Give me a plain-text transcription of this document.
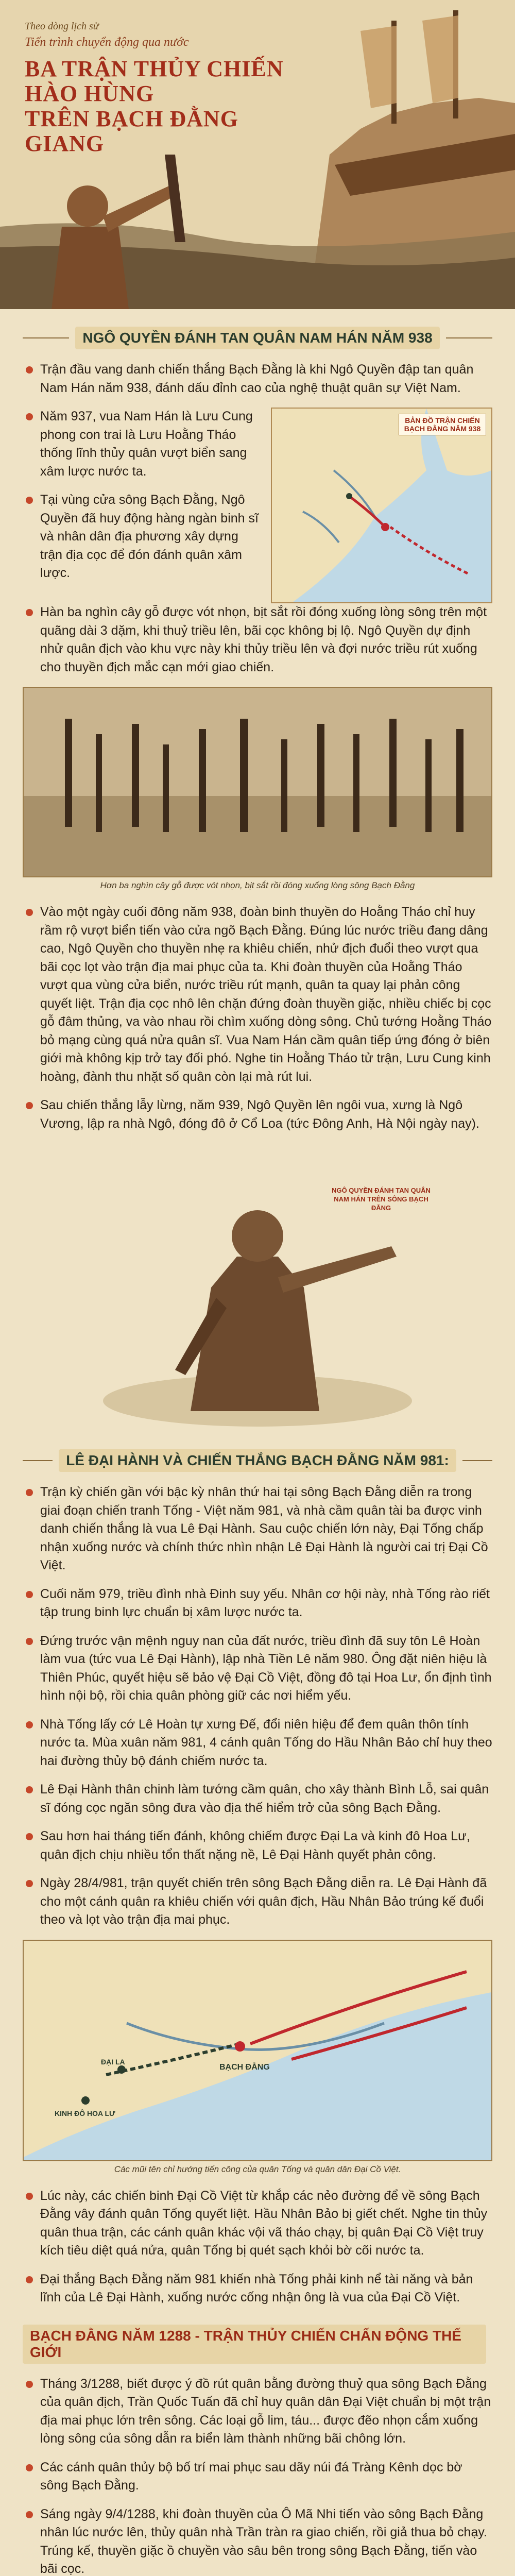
Theo dòng lịch sử
Tiến trình chuyển động qua nước
BA TRẬN THỦY CHIẾN HÀO HÙNG
TRÊN BẠCH ĐẰNG GIANG
NGÔ QUYỀN ĐÁNH TAN QUÂN NAM HÁN NĂM 938

Trận đầu vang danh chiến thắng Bạch Đằng là khi Ngô Quyền đập tan quân Nam Hán năm 938, đánh dấu đỉnh cao của nghệ thuật quân sự Việt Nam.

Năm 937, vua Nam Hán là Lưu Cung phong con trai là Lưu Hoằng Tháo thống lĩnh thủy quân vượt biển sang xâm lược nước ta.

Tại vùng cửa sông Bạch Đằng, Ngô Quyền đã huy động hàng ngàn binh sĩ và nhân dân địa phương xây dựng trận địa cọc để đón đánh quân xâm lược.

BẢN ĐỒ TRẬN CHIẾN BẠCH ĐẰNG NĂM 938

Hàn ba nghìn cây gỗ được vót nhọn, bịt sắt rồi đóng xuống lòng sông trên một quãng dài 3 dặm, khi thuỷ triều lên, bãi cọc không bị lộ. Ngô Quyền dự định nhử quân địch vào khu vực này khi thủy triều lên và đợi nước triều rút xuống cho thuyền địch mắc cạn mới giao chiến.

Hơn ba nghìn cây gỗ được vót nhọn, bịt sắt rồi đóng xuống lòng sông Bạch Đằng

Vào một ngày cuối đông năm 938, đoàn binh thuyền do Hoằng Tháo chỉ huy rầm rộ vượt biển tiến vào cửa ngõ Bạch Đằng. Đúng lúc nước triều đang dâng cao, Ngô Quyền cho thuyền nhẹ ra khiêu chiến, nhử địch đuổi theo vượt qua bãi cọc lọt vào trận địa mai phục của ta. Khi đoàn thuyền của Hoằng Tháo vượt qua vùng cửa biển, nước triều rút mạnh, quân ta quay lại phản công quyết liệt. Trận địa cọc nhô lên chặn đứng đoàn thuyền giặc, nhiều chiếc bị cọc gỗ đâm thủng, va vào nhau rồi chìm xuống dòng sông. Chủ tướng Hoằng Tháo bỏ mạng cùng quá nửa quân sĩ. Vua Nam Hán cầm quân tiếp ứng đóng ở biên giới mà không kịp trở tay đối phó. Nghe tin Hoằng Tháo tử trận, Lưu Cung kinh hoàng, đành thu nhặt số quân còn lại mà rút lui.

Sau chiến thắng lẫy lừng, năm 939, Ngô Quyền lên ngôi vua, xưng là Ngô Vương, lập ra nhà Ngô, đóng đô ở Cổ Loa (tức Đông Anh, Hà Nội ngày nay).

NGÔ QUYỀN ĐÁNH TAN QUÂN NAM HÁN TRÊN SÔNG BẠCH ĐẰNG
LÊ ĐẠI HÀNH VÀ CHIẾN THẮNG BẠCH ĐẰNG NĂM 981:

Trận kỳ chiến gần với bậc kỳ nhân thứ hai tại sông Bạch Đằng diễn ra trong giai đoạn chiến tranh Tống - Việt năm 981, và nhà cầm quân tài ba được vinh danh chiến thắng là vua Lê Đại Hành. Sau cuộc chiến lớn này, Đại Tống chấp nhận xuống nước và chính thức nhìn nhận Lê Đại Hành là người cai trị Đại Cồ Việt.

Cuối năm 979, triều đình nhà Đinh suy yếu. Nhân cơ hội này, nhà Tống rào riết tập trung binh lực chuẩn bị xâm lược nước ta.

Đứng trước vận mệnh nguy nan của đất nước, triều đình đã suy tôn Lê Hoàn làm vua (tức vua Lê Đại Hành), lập nhà Tiền Lê năm 980. Ông đặt niên hiệu là Thiên Phúc, quyết hiệu sẽ bảo vệ Đại Cồ Việt, đồng đô tại Hoa Lư, ổn định tình hình nội bộ, rồi chia quân phòng giữ các nơi hiểm yếu.

Nhà Tống lấy cớ Lê Hoàn tự xưng Đế, đổi niên hiệu để đem quân thôn tính nước ta. Mùa xuân năm 981, 4 cánh quân Tống do Hầu Nhân Bảo chỉ huy theo hai đường thủy bộ đánh chiếm nước ta.

Lê Đại Hành thân chinh làm tướng cầm quân, cho xây thành Bình Lỗ, sai quân sĩ đóng cọc ngăn sông đưa vào địa thế hiểm trở của sông Bạch Đằng.

Sau hơn hai tháng tiến đánh, không chiếm được Đại La và kinh đô Hoa Lư, quân địch chịu nhiều tổn thất nặng nề, Lê Đại Hành quyết phản công.

Ngày 28/4/981, trận quyết chiến trên sông Bạch Đằng diễn ra. Lê Đại Hành đã cho một cánh quân ra khiêu chiến với quân địch, Hầu Nhân Bảo trúng kế đuổi theo và lọt vào trận địa mai phục.

BẠCH ĐẰNG
KINH ĐÔ HOA LƯ
ĐẠI LA
Các mũi tên chỉ hướng tiến công của quân Tống và quân dân Đại Cồ Việt.

Lúc này, các chiến binh Đại Cồ Việt từ khắp các nẻo đường để về sông Bạch Đằng vây đánh quân Tống quyết liệt. Hầu Nhân Bảo bị giết chết. Nghe tin thủy quân thua trận, các cánh quân khác vội vã tháo chạy, bị quân Đại Cồ Việt truy kích tiêu diệt quá nửa, quân Tống bị quét sạch khỏi bờ cõi nước ta.

Đại thắng Bạch Đằng năm 981 khiến nhà Tống phải kinh nể tài năng và bản lĩnh của Lê Đại Hành, xuống nước cống nhận ông là vua của Đại Cồ Việt.

BẠCH ĐẰNG NĂM 1288 - TRẬN THỦY CHIẾN CHẤN ĐỘNG THẾ GIỚI

Tháng 3/1288, biết được ý đồ rút quân bằng đường thuỷ qua sông Bạch Đằng của quân địch, Trần Quốc Tuấn đã chỉ huy quân dân Đại Việt chuẩn bị một trận địa mai phục lớn trên sông. Các loại gỗ lim, táu... được đẽo nhọn cắm xuống lòng sông của sông dẫn ra biển làm thành những bãi chông lớn.

Các cánh quân thủy bộ bố trí mai phục sau dãy núi đá Tràng Kênh dọc bờ sông Bạch Đằng.

Sáng ngày 9/4/1288, khi đoàn thuyền của Ô Mã Nhi tiến vào sông Bạch Đằng nhân lúc nước lên, thủy quân nhà Trần tràn ra giao chiến, rồi giả thua bỏ chạy. Trúng kế, thuyền giặc ồ chuyền vào sâu bên trong sông Bạch Đằng, tiến vào bãi cọc.
